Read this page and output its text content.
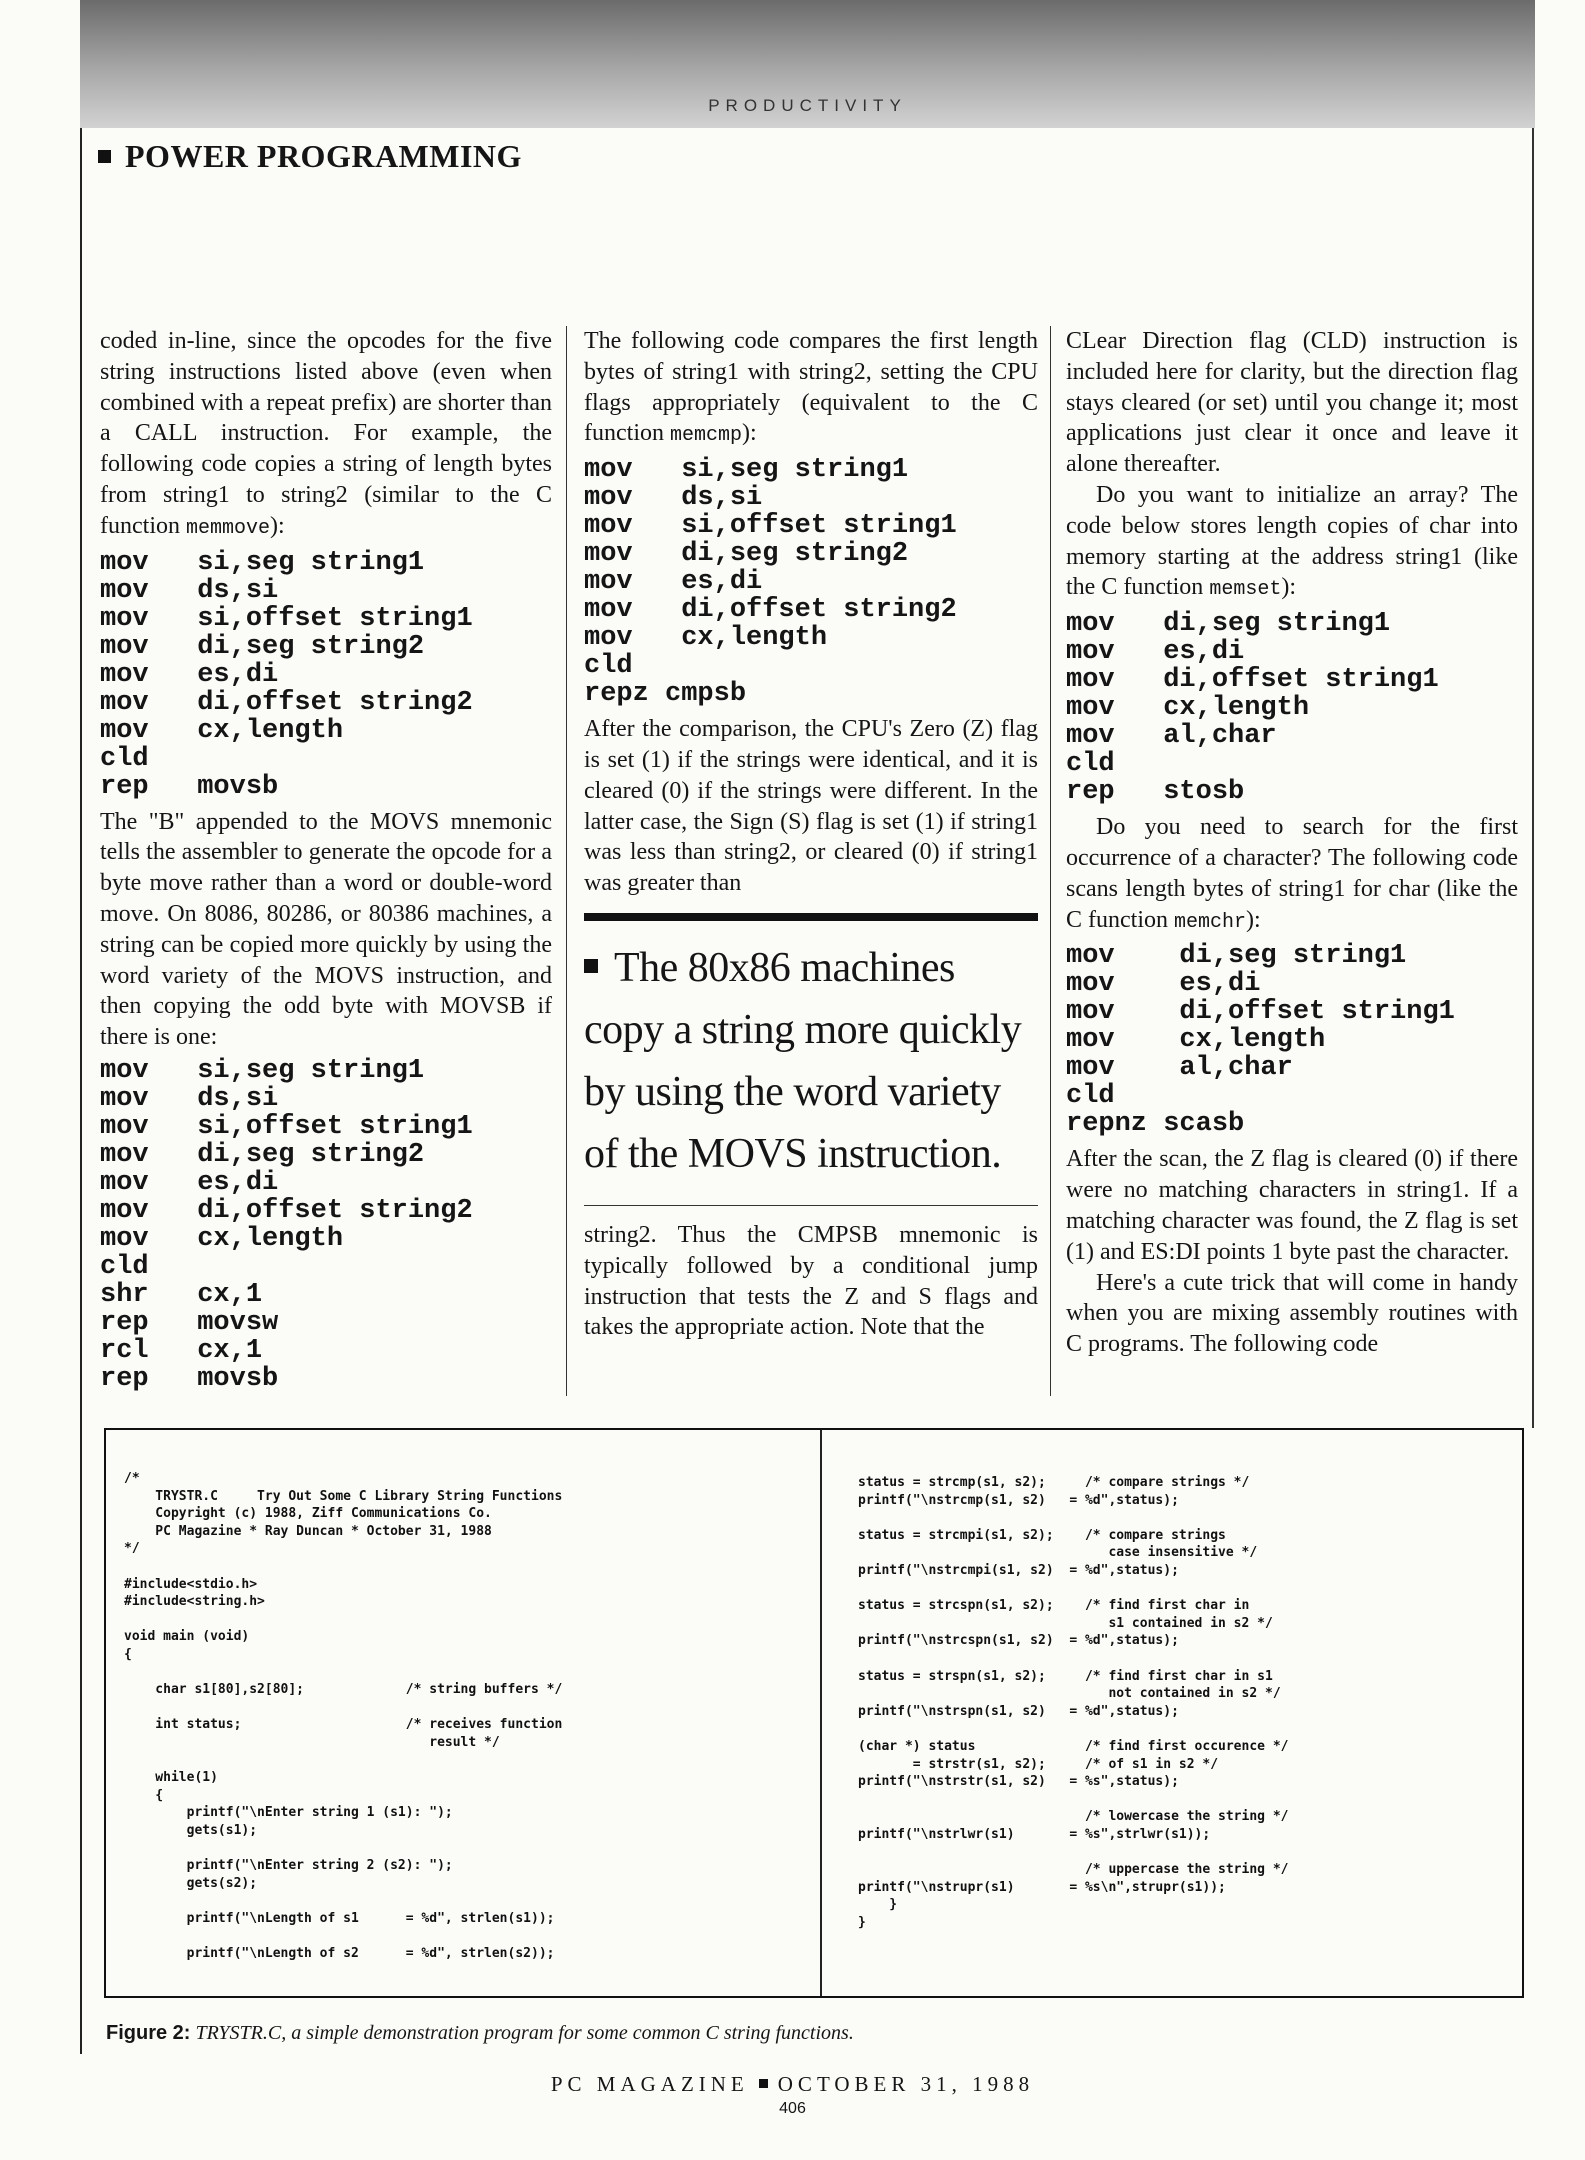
PRODUCTIVITY
POWER PROGRAMMING

coded in-line, since the opcodes for the five string instructions listed above (even when combined with a repeat prefix) are shorter than a CALL instruction. For example, the following code copies a string of length bytes from string1 to string2 (similar to the C function memmove):

mov   si,seg string1
mov   ds,si
mov   si,offset string1
mov   di,seg string2
mov   es,di
mov   di,offset string2
mov   cx,length
cld
rep   movsb

The "B" appended to the MOVS mnemonic tells the assembler to generate the opcode for a byte move rather than a word or double-word move. On 8086, 80286, or 80386 machines, a string can be copied more quickly by using the word variety of the MOVS instruction, and then copying the odd byte with MOVSB if there is one:

mov   si,seg string1
mov   ds,si
mov   si,offset string1
mov   di,seg string2
mov   es,di
mov   di,offset string2
mov   cx,length
cld
shr   cx,1
rep   movsw
rcl   cx,1
rep   movsb

The following code compares the first length bytes of string1 with string2, setting the CPU flags appropriately (equivalent to the C function memcmp):

mov   si,seg string1
mov   ds,si
mov   si,offset string1
mov   di,seg string2
mov   es,di
mov   di,offset string2
mov   cx,length
cld
repz cmpsb

After the comparison, the CPU's Zero (Z) flag is set (1) if the strings were identical, and it is cleared (0) if the strings were different. In the latter case, the Sign (S) flag is set (1) if string1 was less than string2, or cleared (0) if string1 was greater than

The 80x86 machines copy a string more quickly by using the word variety of the MOVS instruction.

string2. Thus the CMPSB mnemonic is typically followed by a conditional jump instruction that tests the Z and S flags and takes the appropriate action. Note that the

CLear Direction flag (CLD) instruction is included here for clarity, but the direction flag stays cleared (or set) until you change it; most applications just clear it once and leave it alone thereafter.

Do you want to initialize an array? The code below stores length copies of char into memory starting at the address string1 (like the C function memset):

mov   di,seg string1
mov   es,di
mov   di,offset string1
mov   cx,length
mov   al,char
cld
rep   stosb

Do you need to search for the first occurrence of a character? The following code scans length bytes of string1 for char (like the C function memchr):

mov    di,seg string1
mov    es,di
mov    di,offset string1
mov    cx,length
mov    al,char
cld
repnz scasb

After the scan, the Z flag is cleared (0) if there were no matching characters in string1. If a matching character was found, the Z flag is set (1) and ES:DI points 1 byte past the character.

Here's a cute trick that will come in handy when you are mixing assembly routines with C programs. The following code

/*
TRYSTR.C     Try Out Some C Library String Functions
Copyright (c) 1988, Ziff Communications Co.
PC Magazine * Ray Duncan * October 31, 1988
*/

#include<stdio.h>
#include<string.h>

void main (void)
{

char s1[80],s2[80];             /* string buffers */

int status;                     /* receives function
result */

while(1)
{
printf("\nEnter string 1 (s1): ");
gets(s1);

printf("\nEnter string 2 (s2): ");
gets(s2);

printf("\nLength of s1      = %d", strlen(s1));

printf("\nLength of s2      = %d", strlen(s2));
status = strcmp(s1, s2);     /* compare strings */
printf("\nstrcmp(s1, s2)   = %d",status);

status = strcmpi(s1, s2);    /* compare strings
case insensitive */
printf("\nstrcmpi(s1, s2)  = %d",status);

status = strcspn(s1, s2);    /* find first char in
s1 contained in s2 */
printf("\nstrcspn(s1, s2)  = %d",status);

status = strspn(s1, s2);     /* find first char in s1
not contained in s2 */
printf("\nstrspn(s1, s2)   = %d",status);

(char *) status              /* find first occurence */
= strstr(s1, s2);     /* of s1 in s2 */
printf("\nstrstr(s1, s2)   = %s",status);

/* lowercase the string */
printf("\nstrlwr(s1)       = %s",strlwr(s1));

/* uppercase the string */
printf("\nstrupr(s1)       = %s\n",strupr(s1));
}
}
Figure 2: TRYSTR.C, a simple demonstration program for some common C string functions.
PC MAGAZINE OCTOBER 31, 1988
406
